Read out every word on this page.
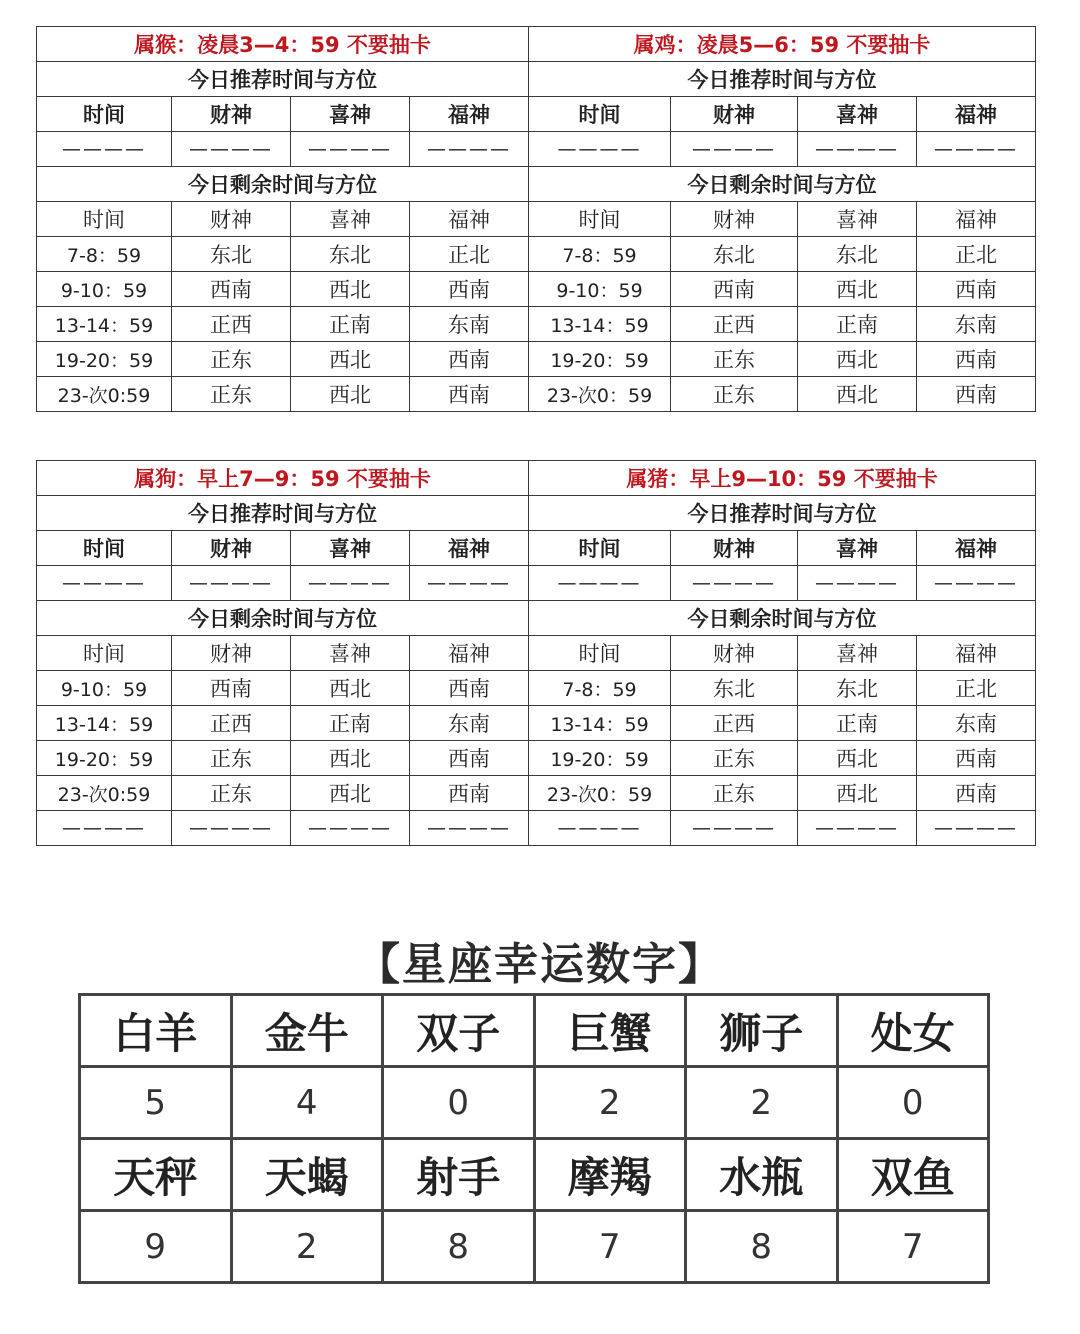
属猴：凌晨3—4：59 不要抽卡				属鸡：凌晨5—6：59 不要抽卡			
今日推荐时间与方位				今日推荐时间与方位			
时间	财神	喜神	福神	时间	财神	喜神	福神
————	————	————	————	————	————	————	————
今日剩余时间与方位				今日剩余时间与方位			
时间	财神	喜神	福神	时间	财神	喜神	福神
7-8：59	东北	东北	正北	7-8：59	东北	东北	正北
9-10：59	西南	西北	西南	9-10：59	西南	西北	西南
13-14：59	正西	正南	东南	13-14：59	正西	正南	东南
19-20：59	正东	西北	西南	19-20：59	正东	西北	西南
23-次0:59	正东	西北	西南	23-次0：59	正东	西北	西南
属狗：早上7—9：59 不要抽卡				属猪：早上9—10：59 不要抽卡			
今日推荐时间与方位				今日推荐时间与方位			
时间	财神	喜神	福神	时间	财神	喜神	福神
————	————	————	————	————	————	————	————
今日剩余时间与方位				今日剩余时间与方位			
时间	财神	喜神	福神	时间	财神	喜神	福神
9-10：59	西南	西北	西南	7-8：59	东北	东北	正北
13-14：59	正西	正南	东南	13-14：59	正西	正南	东南
19-20：59	正东	西北	西南	19-20：59	正东	西北	西南
23-次0:59	正东	西北	西南	23-次0：59	正东	西北	西南
————	————	————	————	————	————	————	————
【星座幸运数字】
白羊	金牛	双子	巨蟹	狮子	处女
5	4	0	2	2	0
天秤	天蝎	射手	摩羯	水瓶	双鱼
9	2	8	7	8	7
